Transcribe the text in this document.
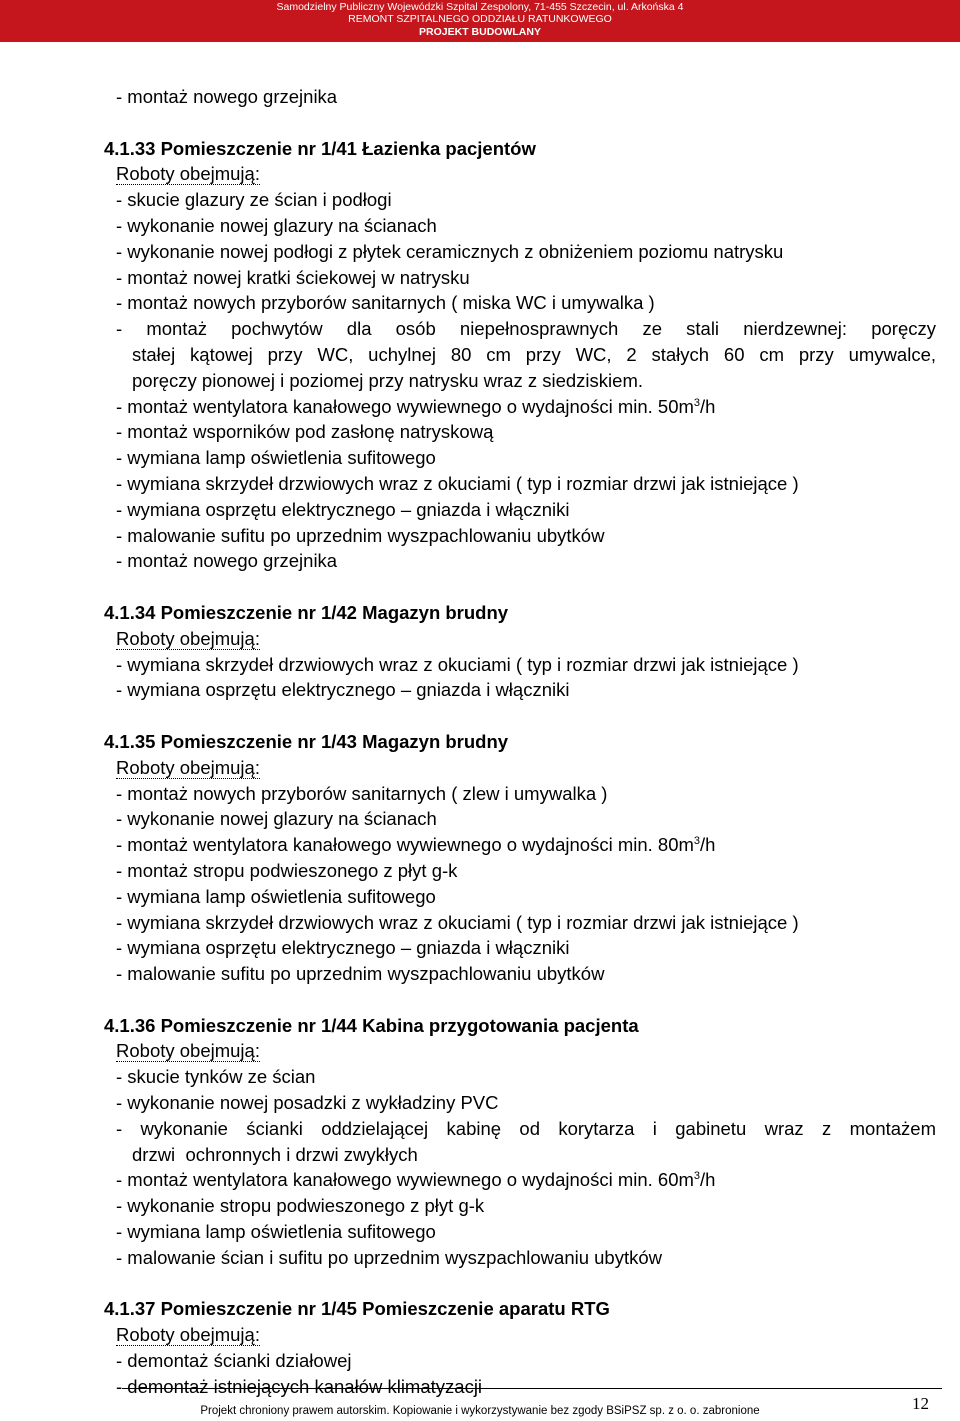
Samodzielny Publiczny Wojewódzki Szpital Zespolony, 71-455 Szczecin, ul. Arkońska 4
REMONT SZPITALNEGO ODDZIAŁU RATUNKOWEGO
PROJEKT BUDOWLANY
- montaż nowego grzejnika
4.1.33 Pomieszczenie nr 1/41 Łazienka pacjentów
Roboty obejmują:
- skucie glazury ze ścian i podłogi
- wykonanie nowej glazury na ścianach
- wykonanie nowej podłogi z płytek ceramicznych z obniżeniem poziomu natrysku
- montaż nowej kratki ściekowej w natrysku
- montaż nowych przyborów sanitarnych ( miska WC i umywalka )
- montaż pochwytów dla osób niepełnosprawnych ze stali nierdzewnej: poręczy
stałej kątowej przy WC, uchylnej 80 cm przy WC, 2 stałych 60 cm przy umywalce,
poręczy pionowej i poziomej przy natrysku wraz z siedziskiem.
- montaż wentylatora kanałowego wywiewnego o wydajności min. $50m^3/h$
- montaż wsporników pod zasłonę natryskową
- wymiana lamp oświetlenia sufitowego
- wymiana skrzydeł drzwiowych wraz z okuciami ( typ i rozmiar drzwi jak istniejące )
- wymiana osprzętu elektrycznego – gniazda i włączniki
- malowanie sufitu po uprzednim wyszpachlowaniu ubytków
- montaż nowego grzejnika
4.1.34 Pomieszczenie nr 1/42 Magazyn brudny
Roboty obejmują:
- wymiana skrzydeł drzwiowych wraz z okuciami ( typ i rozmiar drzwi jak istniejące )
- wymiana osprzętu elektrycznego – gniazda i włączniki
4.1.35 Pomieszczenie nr 1/43 Magazyn brudny
Roboty obejmują:
- montaż nowych przyborów sanitarnych ( zlew i umywalka )
- wykonanie nowej glazury na ścianach
- montaż wentylatora kanałowego wywiewnego o wydajności min. $80m^3/h$
- montaż stropu podwieszonego z płyt g-k
- wymiana lamp oświetlenia sufitowego
- wymiana skrzydeł drzwiowych wraz z okuciami ( typ i rozmiar drzwi jak istniejące )
- wymiana osprzętu elektrycznego – gniazda i włączniki
- malowanie sufitu po uprzednim wyszpachlowaniu ubytków
4.1.36 Pomieszczenie nr 1/44 Kabina przygotowania pacjenta
Roboty obejmują:
- skucie tynków ze ścian
- wykonanie nowej posadzki z wykładziny PVC
- wykonanie ścianki oddzielającej kabinę od korytarza i gabinetu wraz z montażem
drzwi  ochronnych i drzwi zwykłych
- montaż wentylatora kanałowego wywiewnego o wydajności min. $60m^3/h$
- wykonanie stropu podwieszonego z płyt g-k
- wymiana lamp oświetlenia sufitowego
- malowanie ścian i sufitu po uprzednim wyszpachlowaniu ubytków
4.1.37 Pomieszczenie nr 1/45 Pomieszczenie aparatu RTG
Roboty obejmują:
- demontaż ścianki działowej
- demontaż istniejących kanałów klimatyzacji
Projekt chroniony prawem autorskim. Kopiowanie i wykorzystywanie bez zgody BSiPSZ sp. z o. o. zabronione	12
